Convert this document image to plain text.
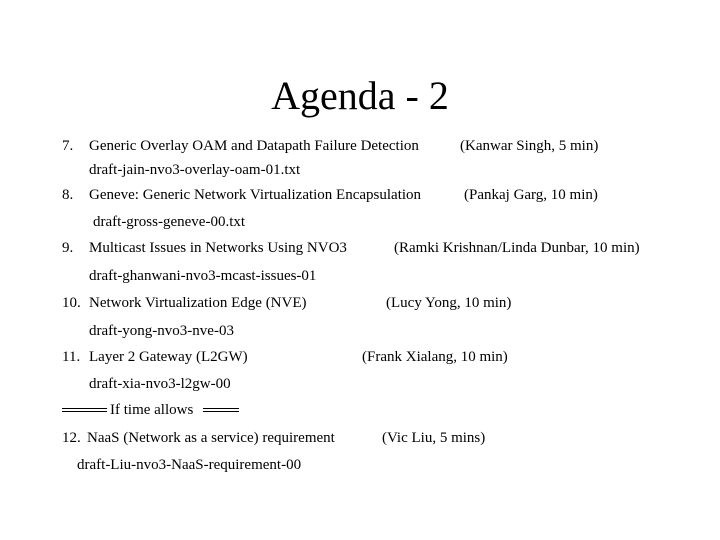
Agenda - 2
7. Generic Overlay OAM and Datapath Failure Detection	(Kanwar Singh, 5 min)
draft-jain-nvo3-overlay-oam-01.txt
8. Geneve: Generic Network Virtualization Encapsulation	(Pankaj Garg, 10 min)
draft-gross-geneve-00.txt
9. Multicast Issues in Networks Using NVO3	(Ramki Krishnan/Linda Dunbar, 10 min)
draft-ghanwani-nvo3-mcast-issues-01
10. Network Virtualization Edge (NVE)	(Lucy Yong, 10 min)
draft-yong-nvo3-nve-03
11. Layer 2 Gateway (L2GW)	(Frank Xialang, 10 min)
draft-xia-nvo3-l2gw-00
If time allows
12. NaaS (Network as a service) requirement	(Vic Liu, 5 mins)
draft-Liu-nvo3-NaaS-requirement-00
